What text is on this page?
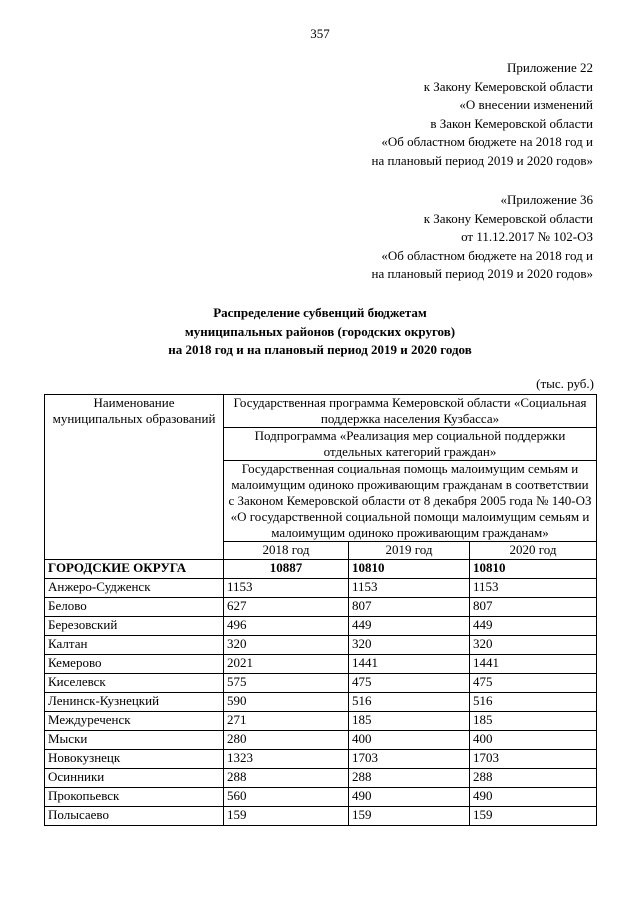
357
Приложение 22
к Закону Кемеровской области
«О внесении изменений
в Закон Кемеровской области
«Об областном бюджете на 2018 год и
на плановый период 2019 и 2020 годов»
«Приложение 36
к Закону Кемеровской области
от 11.12.2017 № 102-ОЗ
«Об областном бюджете на 2018 год и
на плановый период 2019 и 2020 годов»
Распределение субвенций бюджетам
муниципальных районов (городских округов)
на 2018 год и на плановый период 2019 и 2020 годов
(тыс. руб.)
Наименование муниципальных образований	Государственная программа Кемеровской области «Социальная поддержка населения Кузбасса»		
	Подпрограмма «Реализация мер социальной поддержки отдельных категорий граждан»		
	Государственная социальная помощь малоимущим семьям и малоимущим одиноко проживающим гражданам в соответствии с Законом Кемеровской области от 8 декабря 2005 года № 140-ОЗ «О государственной социальной помощи малоимущим семьям и малоимущим одиноко проживающим гражданам»		
	2018 год	2019 год	2020 год
ГОРОДСКИЕ ОКРУГА	10887	10810	10810
Анжеро-Судженск	1153	1153	1153
Белово	627	807	807
Березовский	496	449	449
Калтан	320	320	320
Кемерово	2021	1441	1441
Киселевск	575	475	475
Ленинск-Кузнецкий	590	516	516
Междуреченск	271	185	185
Мыски	280	400	400
Новокузнецк	1323	1703	1703
Осинники	288	288	288
Прокопьевск	560	490	490
Полысаево	159	159	159
